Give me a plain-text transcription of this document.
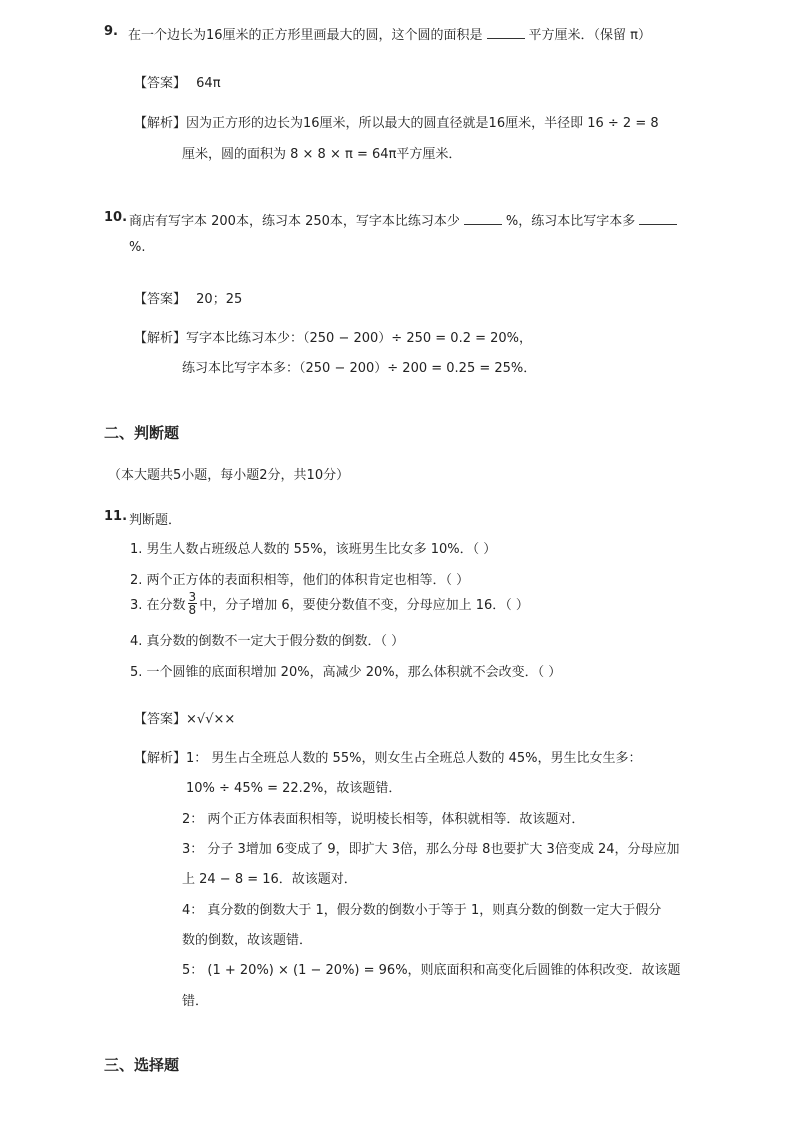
9. 在一个边长为16厘米的正方形里画最大的圆，这个圆的面积是	平方厘米．（保留 π）
【答案】 64π
【解析】因为正方形的边长为16厘米，所以最大的圆直径就是16厘米，半径即 16 ÷ 2 = 8
厘米，圆的面积为 8 × 8 × π = 64π平方厘米．
10. 商店有写字本 200本，练习本 250本，写字本比练习本少	%，练习本比写字本多
%.
【答案】 20；25
【解析】写字本比练习本少：（250 − 200）÷ 250 = 0.2 = 20%，
练习本比写字本多：（250 − 200）÷ 200 = 0.25 = 25%．
二、判断题
（本大题共5小题，每小题2分，共10分）
11. 判断题．
1. 男生人数占班级总人数的 55%，该班男生比女多 10%．（ ）
2. 两个正方体的表面积相等，他们的体积肯定也相等．（ ）
3. 在分数 $\frac{3}{8}$ 中，分子增加 6，要使分数值不变，分母应加上 16．（ ）
4. 真分数的倒数不一定大于假分数的倒数．（ ）
5. 一个圆锥的底面积增加 20%，高减少 20%，那么体积就不会改变．（ ）
【答案】×√√××
【解析】1： 男生占全班总人数的 55%，则女生占全班总人数的 45%，男生比女生多：
10% ÷ 45% = 22.2%，故该题错．
2： 两个正方体表面积相等，说明棱长相等，体积就相等．故该题对．
3： 分子 3增加 6变成了 9，即扩大 3倍，那么分母 8也要扩大 3倍变成 24，分母应加
上 24 − 8 = 16．故该题对．
4： 真分数的倒数大于 1，假分数的倒数小于等于 1，则真分数的倒数一定大于假分
数的倒数，故该题错．
5： (1 + 20%) × (1 − 20%) = 96%，则底面积和高变化后圆锥的体积改变．故该题
错．
三、选择题
